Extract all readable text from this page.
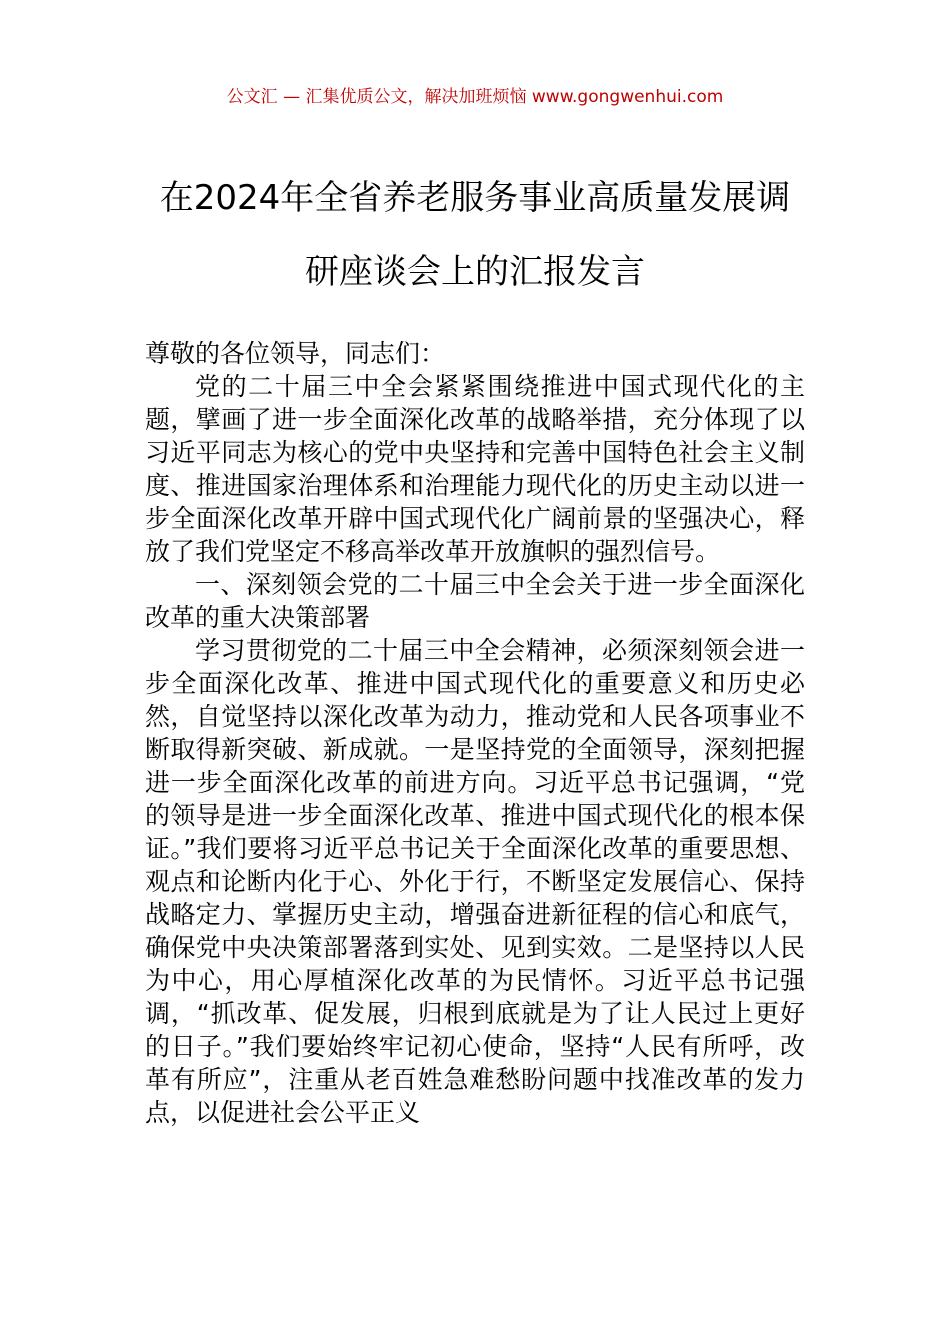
公文汇 — 汇集优质公文，解决加班烦恼 www.gongwenhui.com
在2024年全省养老服务事业高质量发展调
研座谈会上的汇报发言

尊敬的各位领导，同志们：

党的二十届三中全会紧紧围绕推进中国式现代化的主题，擘画了进一步全面深化改革的战略举措，充分体现了以习近平同志为核心的党中央坚持和完善中国特色社会主义制度、推进国家治理体系和治理能力现代化的历史主动以进一步全面深化改革开辟中国式现代化广阔前景的坚强决心，释放了我们党坚定不移高举改革开放旗帜的强烈信号。

一、深刻领会党的二十届三中全会关于进一步全面深化改革的重大决策部署

学习贯彻党的二十届三中全会精神，必须深刻领会进一步全面深化改革、推进中国式现代化的重要意义和历史必然，自觉坚持以深化改革为动力，推动党和人民各项事业不断取得新突破、新成就。一是坚持党的全面领导，深刻把握进一步全面深化改革的前进方向。习近平总书记强调，“党的领导是进一步全面深化改革、推进中国式现代化的根本保证。”我们要将习近平总书记关于全面深化改革的重要思想、观点和论断内化于心、外化于行，不断坚定发展信心、保持战略定力、掌握历史主动，增强奋进新征程的信心和底气，确保党中央决策部署落到实处、见到实效。二是坚持以人民为中心，用心厚植深化改革的为民情怀。习近平总书记强调，“抓改革、促发展，归根到底就是为了让人民过上更好的日子。”我们要始终牢记初心使命，坚持“人民有所呼，改革有所应”，注重从老百姓急难愁盼问题中找准改革的发力点，以促进社会公平正义
